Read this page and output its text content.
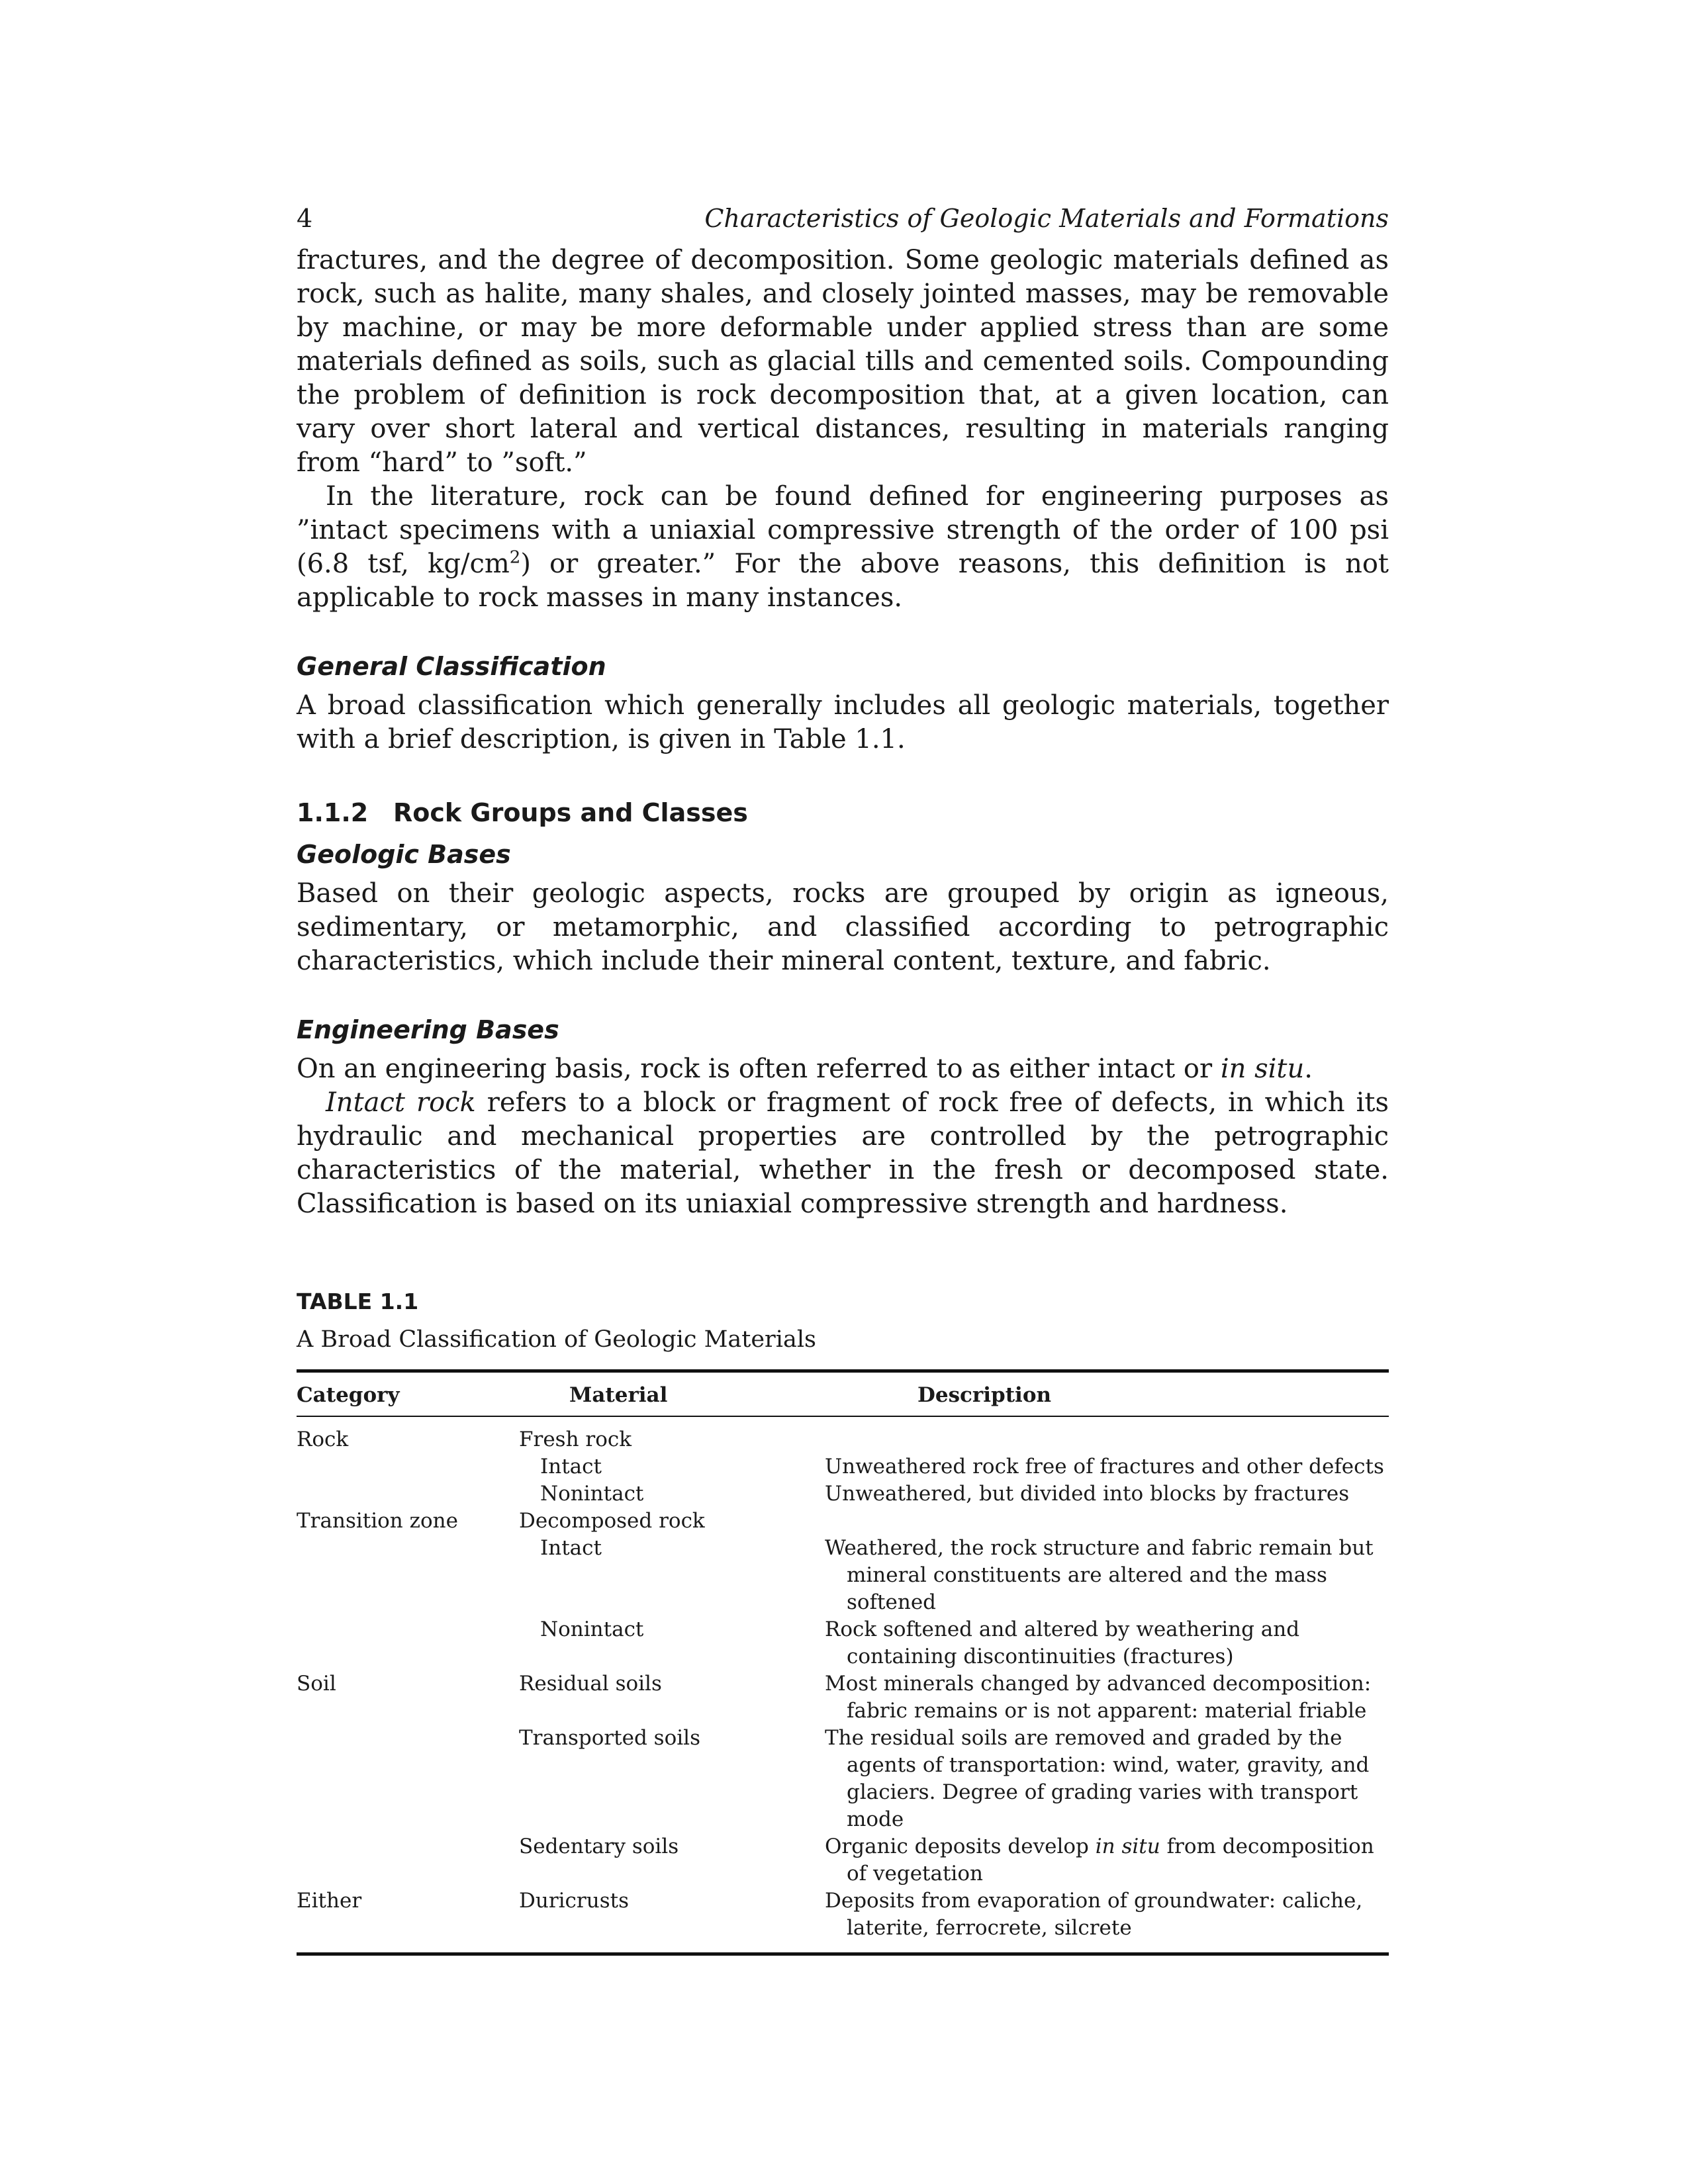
4	Characteristics of Geologic Materials and Formations

fractures, and the degree of decomposition. Some geologic materials defined as rock, such as halite, many shales, and closely jointed masses, may be removable by machine, or may be more deformable under applied stress than are some materials defined as soils, such as glacial tills and cemented soils. Compounding the problem of definition is rock decomposition that, at a given location, can vary over short lateral and vertical distances, resulting in materials ranging from “hard” to ”soft.”

In the literature, rock can be found defined for engineering purposes as ”intact specimens with a uniaxial compressive strength of the order of 100 psi (6.8 tsf, $kg/cm^2$) or greater.” For the above reasons, this definition is not applicable to rock masses in many instances.

General Classification

A broad classification which generally includes all geologic materials, together with a brief description, is given in Table 1.1.

1.1.2 Rock Groups and Classes
Geologic Bases

Based on their geologic aspects, rocks are grouped by origin as igneous, sedimentary, or metamorphic, and classified according to petrographic characteristics, which include their mineral content, texture, and fabric.

Engineering Bases

On an engineering basis, rock is often referred to as either intact or in situ.

Intact rock refers to a block or fragment of rock free of defects, in which its hydraulic and mechanical properties are controlled by the petrographic characteristics of the material, whether in the fresh or decomposed state. Classification is based on its uniaxial compressive strength and hardness.

TABLE 1.1

A Broad Classification of Geologic Materials

Category	Material	Description
Rock	Fresh rock	
	Intact	Unweathered rock free of fractures and other defects
	Nonintact	Unweathered, but divided into blocks by fractures
Transition zone	Decomposed rock	
	Intact	Weathered, the rock structure and fabric remain but mineral constituents are altered and the mass softened
	Nonintact	Rock softened and altered by weathering and containing discontinuities (fractures)
Soil	Residual soils	Most minerals changed by advanced decomposition: fabric remains or is not apparent: material friable
	Transported soils	The residual soils are removed and graded by the agents of transportation: wind, water, gravity, and glaciers. Degree of grading varies with transport mode
	Sedentary soils	Organic deposits develop in situ from decomposition of vegetation
Either	Duricrusts	Deposits from evaporation of groundwater: caliche, laterite, ferrocrete, silcrete
